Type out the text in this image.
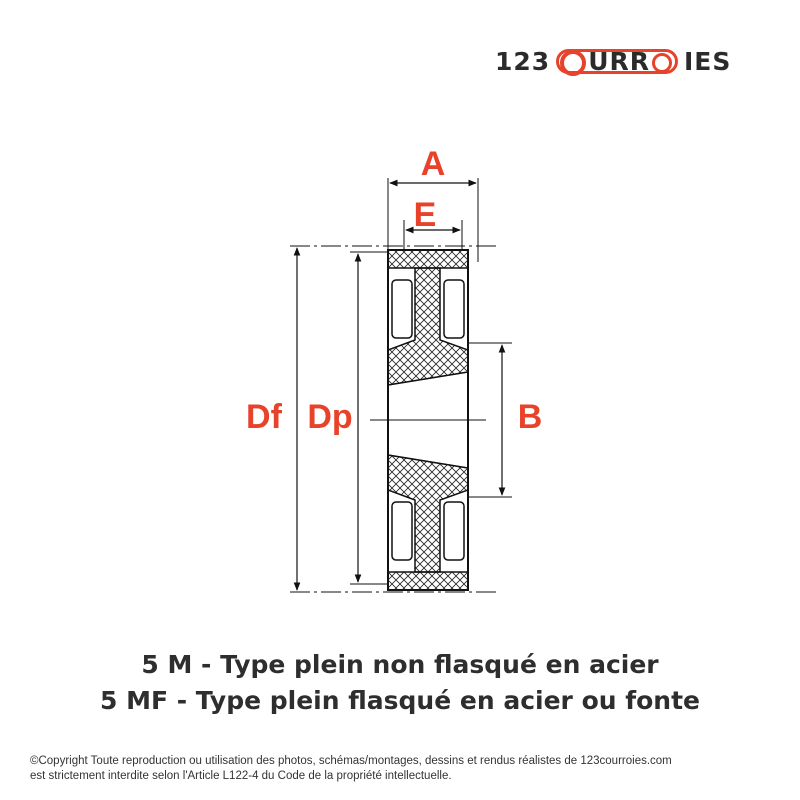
123	URR	IES
A
E
Df Dp	B
5 M - Type plein non flasqué en acier
5 MF - Type plein flasqué en acier ou fonte
©Copyright Toute reproduction ou utilisation des photos, schémas/montages, dessins et rendus réalistes de 123courroies.com
est strictement interdite selon l'Article L122-4 du Code de la propriété intellectuelle.
